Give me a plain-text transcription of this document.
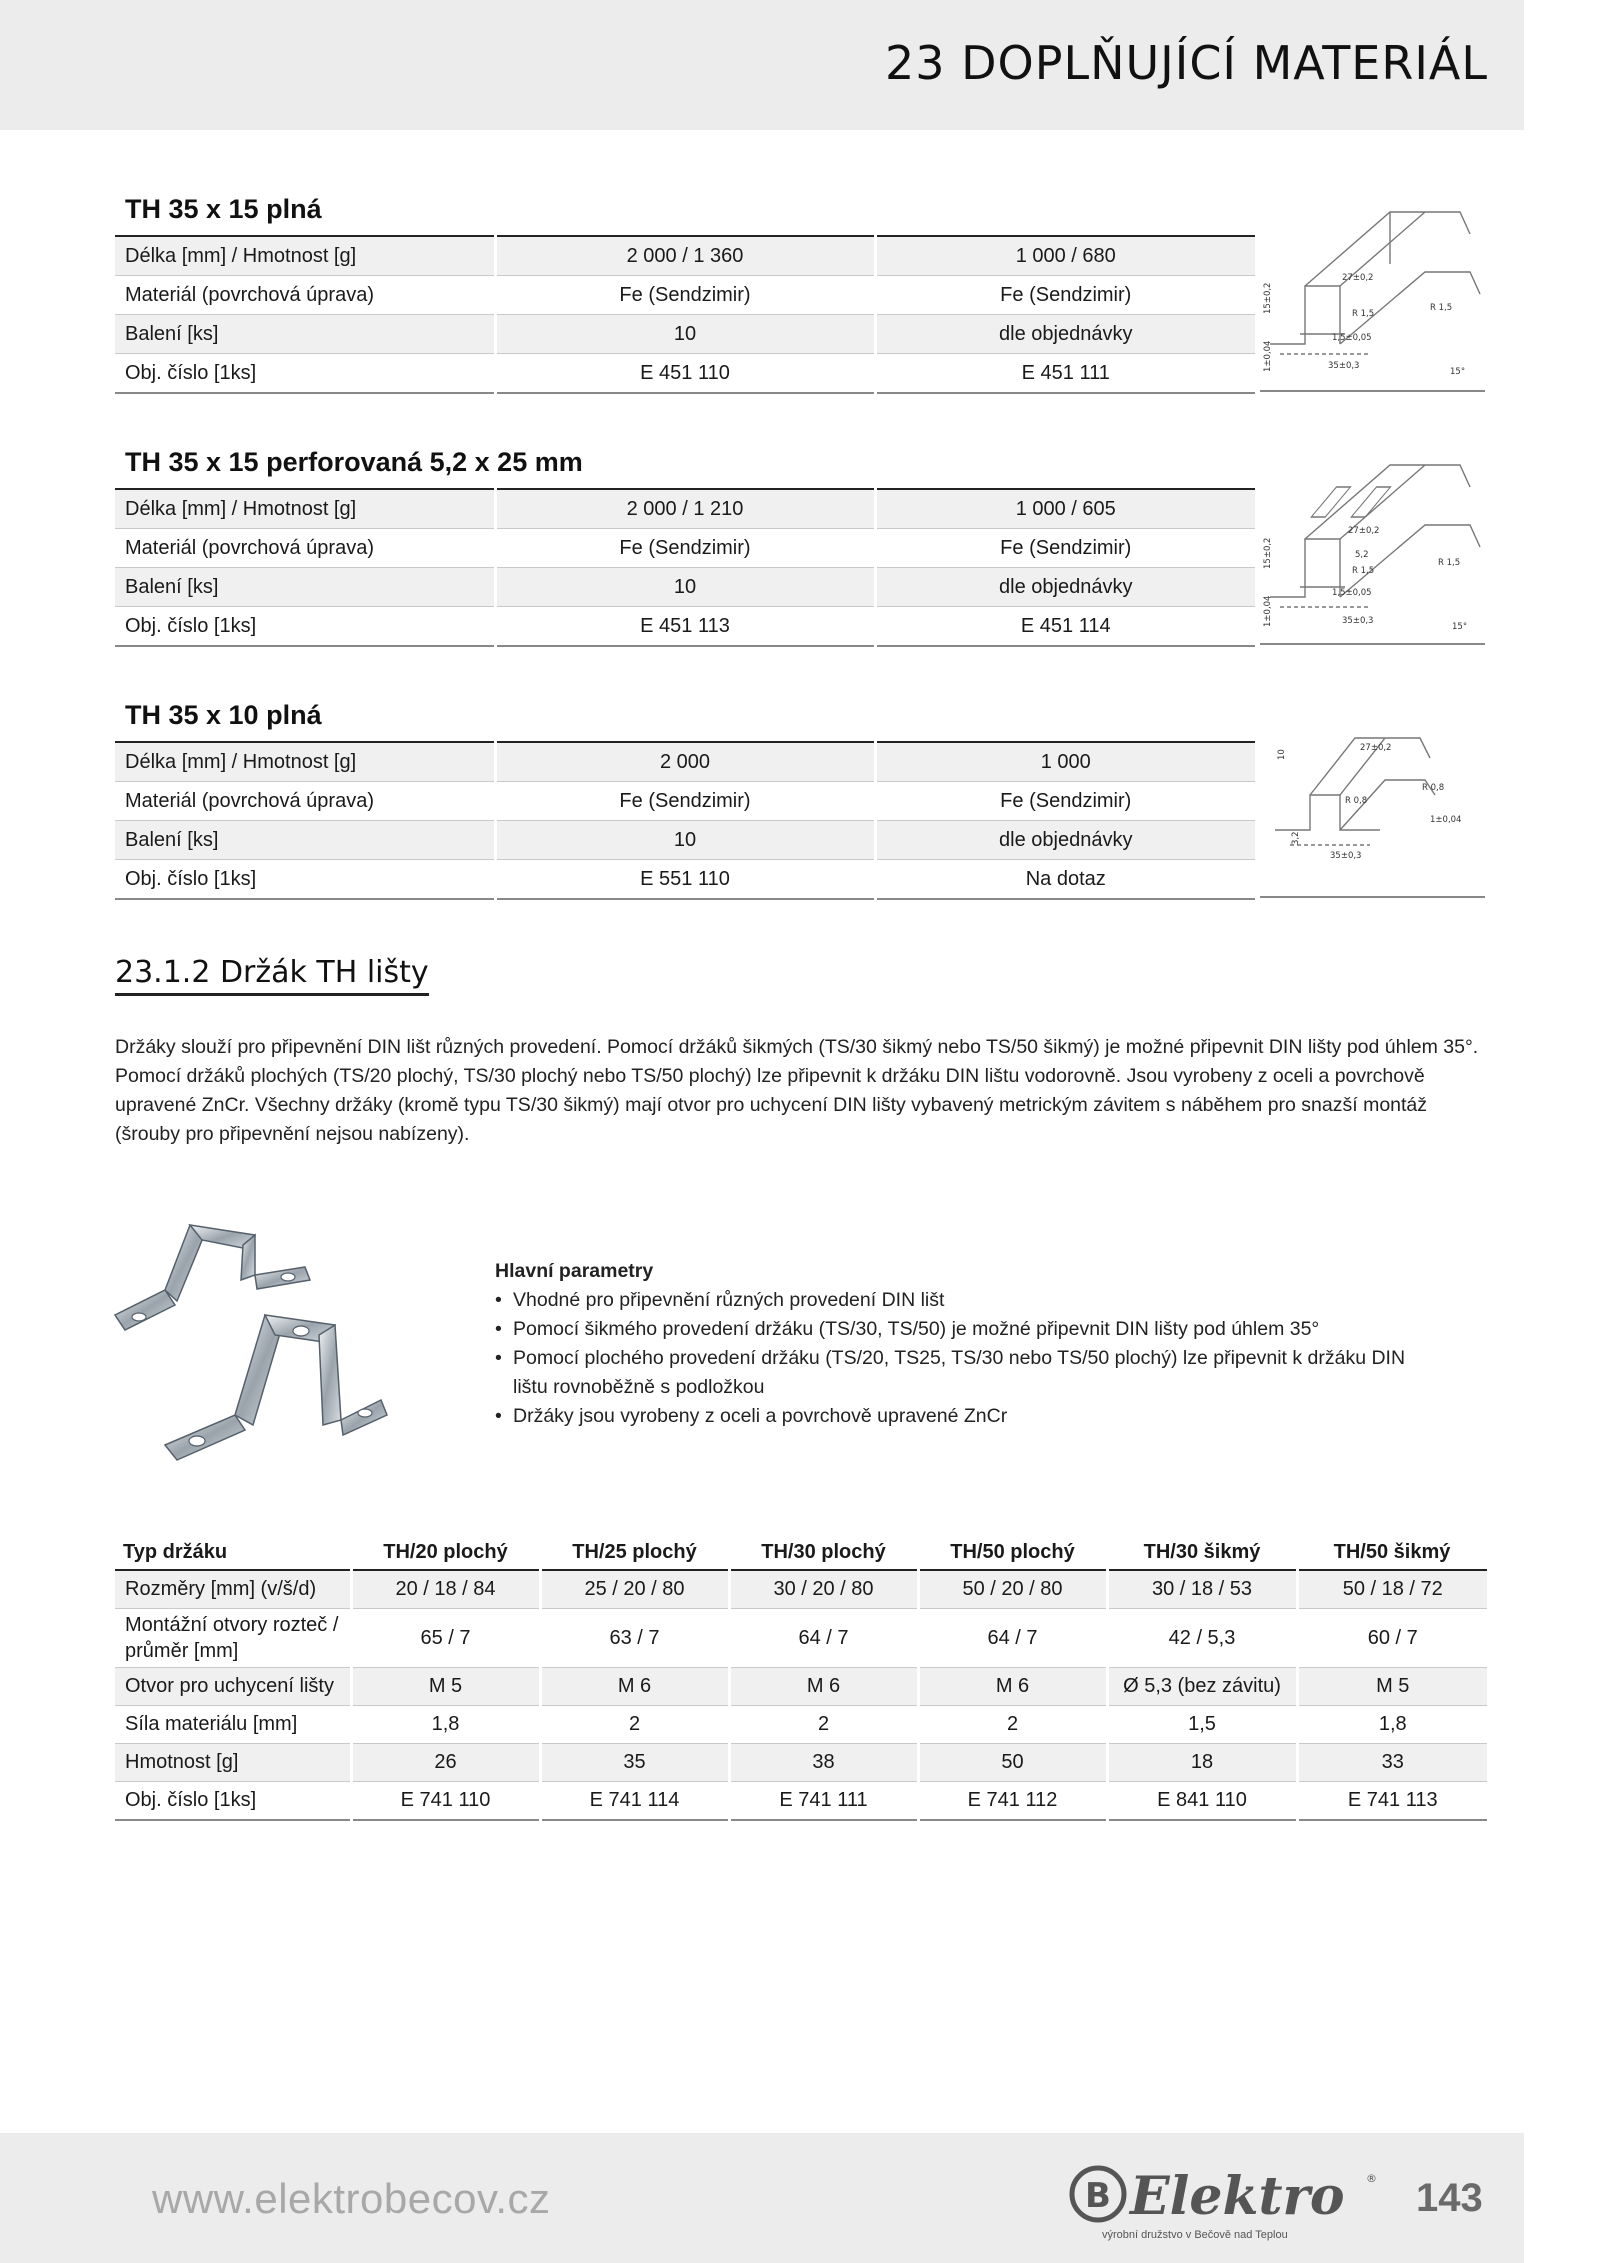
23 DOPLŇUJÍCÍ MATERIÁL
TH 35 x 15 plná
Délka [mm] / Hmotnost [g]	2 000 / 1 360	1 000 / 680
Materiál (povrchová úprava)	Fe (Sendzimir)	Fe (Sendzimir)
Balení [ks]	10	dle objednávky
Obj. číslo [1ks]	E 451 110	E 451 111
27±0,2
R 1,5
R 1,5
1,5±0,05
35±0,3
15±0,2
1±0,04	15°
TH 35 x 15 perforovaná 5,2 x 25 mm
Délka [mm] / Hmotnost [g]	2 000 / 1 210	1 000 / 605
Materiál (povrchová úprava)	Fe (Sendzimir)	Fe (Sendzimir)
Balení [ks]	10	dle objednávky
Obj. číslo [1ks]	E 451 113	E 451 114
27±0,2
5,2
R 1,5
R 1,5
1,5±0,05
35±0,3
15±0,2
1±0,04	15°
TH 35 x 10 plná
Délka [mm] / Hmotnost [g]	2 000	1 000
Materiál (povrchová úprava)	Fe (Sendzimir)	Fe (Sendzimir)
Balení [ks]	10	dle objednávky
Obj. číslo [1ks]	E 551 110	Na dotaz
27±0,2
R 0,8
R 0,8
1±0,04
35±0,3
10
3,2
23.1.2 Držák TH lišty

Držáky slouží pro připevnění DIN lišt různých provedení. Pomocí držáků šikmých (TS/30 šikmý nebo TS/50 šikmý) je možné připevnit DIN lišty pod úhlem 35°. Pomocí držáků plochých (TS/20 plochý, TS/30 plochý nebo TS/50 plochý) lze připevnit k držáku DIN lištu vodorovně. Jsou vyrobeny z oceli a povrchově upravené ZnCr. Všechny držáky (kromě typu TS/30 šikmý) mají otvor pro uchycení DIN lišty vybavený metrickým závitem s náběhem pro snazší montáž (šrouby pro připevnění nejsou nabízeny).

Hlavní parametry
• Vhodné pro připevnění různých provedení DIN lišt
• Pomocí šikmého provedení držáku (TS/30, TS/50) je možné připevnit DIN lišty pod úhlem 35°
• Pomocí plochého provedení držáku (TS/20, TS25, TS/30 nebo TS/50 plochý) lze připevnit k držáku DIN lištu rovnoběžně s podložkou
• Držáky jsou vyrobeny z oceli a povrchově upravené ZnCr
Typ držáku	TH/20 plochý	TH/25 plochý	TH/30 plochý	TH/50 plochý	TH/30 šikmý	TH/50 šikmý
Rozměry [mm] (v/š/d)	20 / 18 / 84	25 / 20 / 80	30 / 20 / 80	50 / 20 / 80	30 / 18 / 53	50 / 18 / 72
Montážní otvory rozteč / průměr [mm]	65 / 7	63 / 7	64 / 7	64 / 7	42 / 5,3	60 / 7
Otvor pro uchycení lišty	M 5	M 6	M 6	M 6	Ø 5,3 (bez závitu)	M 5
Síla materiálu [mm]	1,8	2	2	2	1,5	1,8
Hmotnost [g]	26	35	38	50	18	33
Obj. číslo [1ks]	E 741 110	E 741 114	E 741 111	E 741 112	E 841 110	E 741 113
www.elektrobecov.cz	B Elektro ®
výrobní družstvo v Bečově nad Teplou
143
